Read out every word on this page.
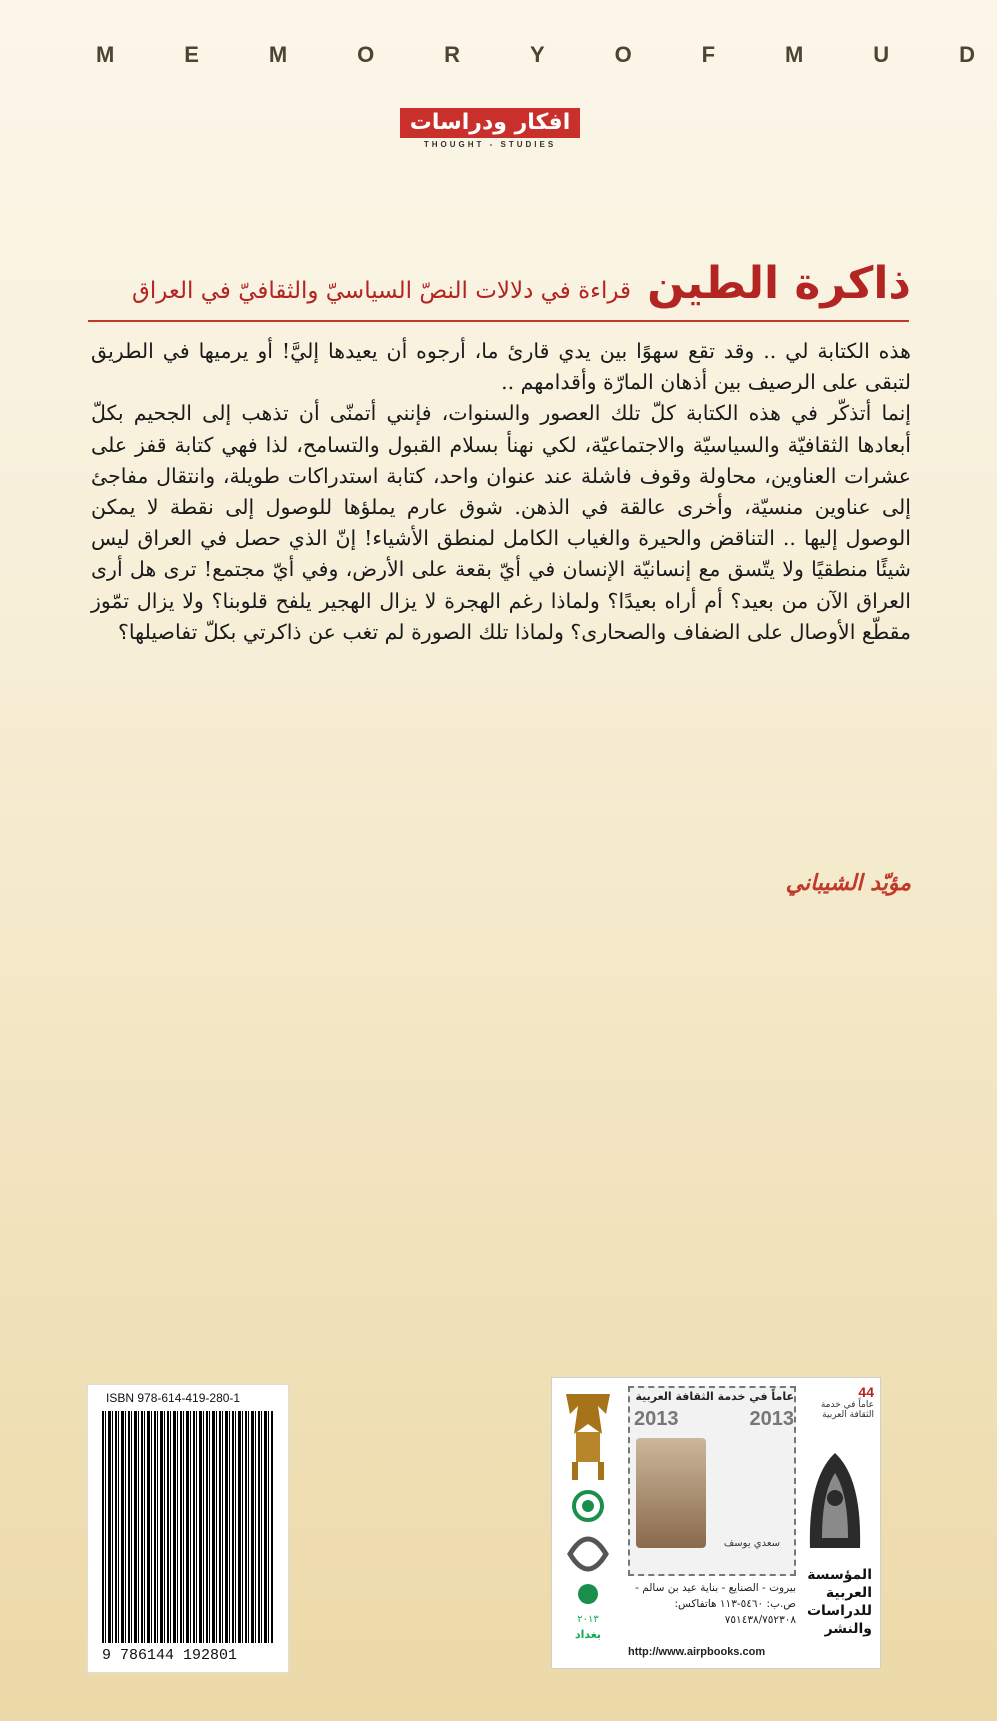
M	E	M	O	R	Y	O	F	M	U	D
افكار ودراسات
THOUGHT - STUDIES
ذاكرة الطين
قراءة في دلالات النصّ السياسيّ والثقافيّ في العراق

هذه الكتابة لي .. وقد تقع سهوًا بين يدي قارئ ما، أرجوه أن يعيدها إليَّ! أو يرميها في الطريق لتبقى على الرصيف بين أذهان المارّة وأقدامهم ..

إنما أتذكّر في هذه الكتابة كلّ تلك العصور والسنوات، فإنني أتمنّى أن تذهب إلى الجحيم بكلّ أبعادها الثقافيّة والسياسيّة والاجتماعيّة، لكي نهنأ بسلام القبول والتسامح، لذا فهي كتابة قفز على عشرات العناوين، محاولة وقوف فاشلة عند عنوان واحد، كتابة استدراكات طويلة، وانتقال مفاجئ إلى عناوين منسيّة، وأخرى عالقة في الذهن. شوق عارم يملؤها للوصول إلى نقطة لا يمكن الوصول إليها .. التناقض والحيرة والغياب الكامل لمنطق الأشياء! إنّ الذي حصل في العراق ليس شيئًا منطقيًا ولا يتّسق مع إنسانيّة الإنسان في أيّ بقعة على الأرض، وفي أيّ مجتمع! ترى هل أرى العراق الآن من بعيد؟ أم أراه بعيدًا؟ ولماذا رغم الهجرة لا يزال الهجير يلفح قلوبنا؟ ولا يزال تمّوز مقطّع الأوصال على الضفاف والصحارى؟ ولماذا تلك الصورة لم تغب عن ذاكرتي بكلّ تفاصيلها؟

مؤيّد الشيباني
ISBN 978-614-419-280-1
9 786144 192801
عاماً في خدمة الثقافة العربية
2013	2013
سعدي يوسف
بيروت - الصنايع - بناية عيد بن سالم - ص.ب: ٥٤٦٠-١١٣ هاتفاكس: ٧٥١٤٣٨/٧٥٢٣٠٨
http://www.airpbooks.com
44
عاماً في خدمة الثقافة العربية
المؤسسة
العربية
للدراسات
والنشر
٢٠١٣
بغداد
